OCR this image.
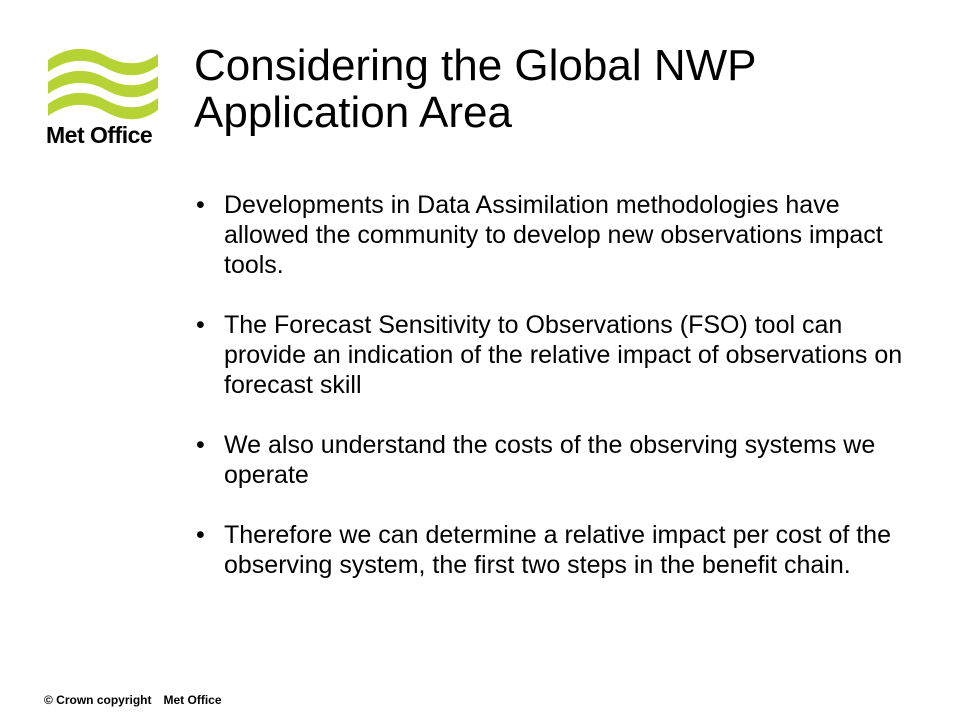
Met Office
Considering the Global NWP Application Area
• Developments in Data Assimilation methodologies have allowed the community to develop new observations impact tools.
• The Forecast Sensitivity to Observations (FSO) tool can provide an indication of the relative impact of observations on forecast skill
• We also understand the costs of the observing systems we operate
• Therefore we can determine a relative impact per cost of the observing system, the first two steps in the benefit chain.
© Crown copyright Met Office
